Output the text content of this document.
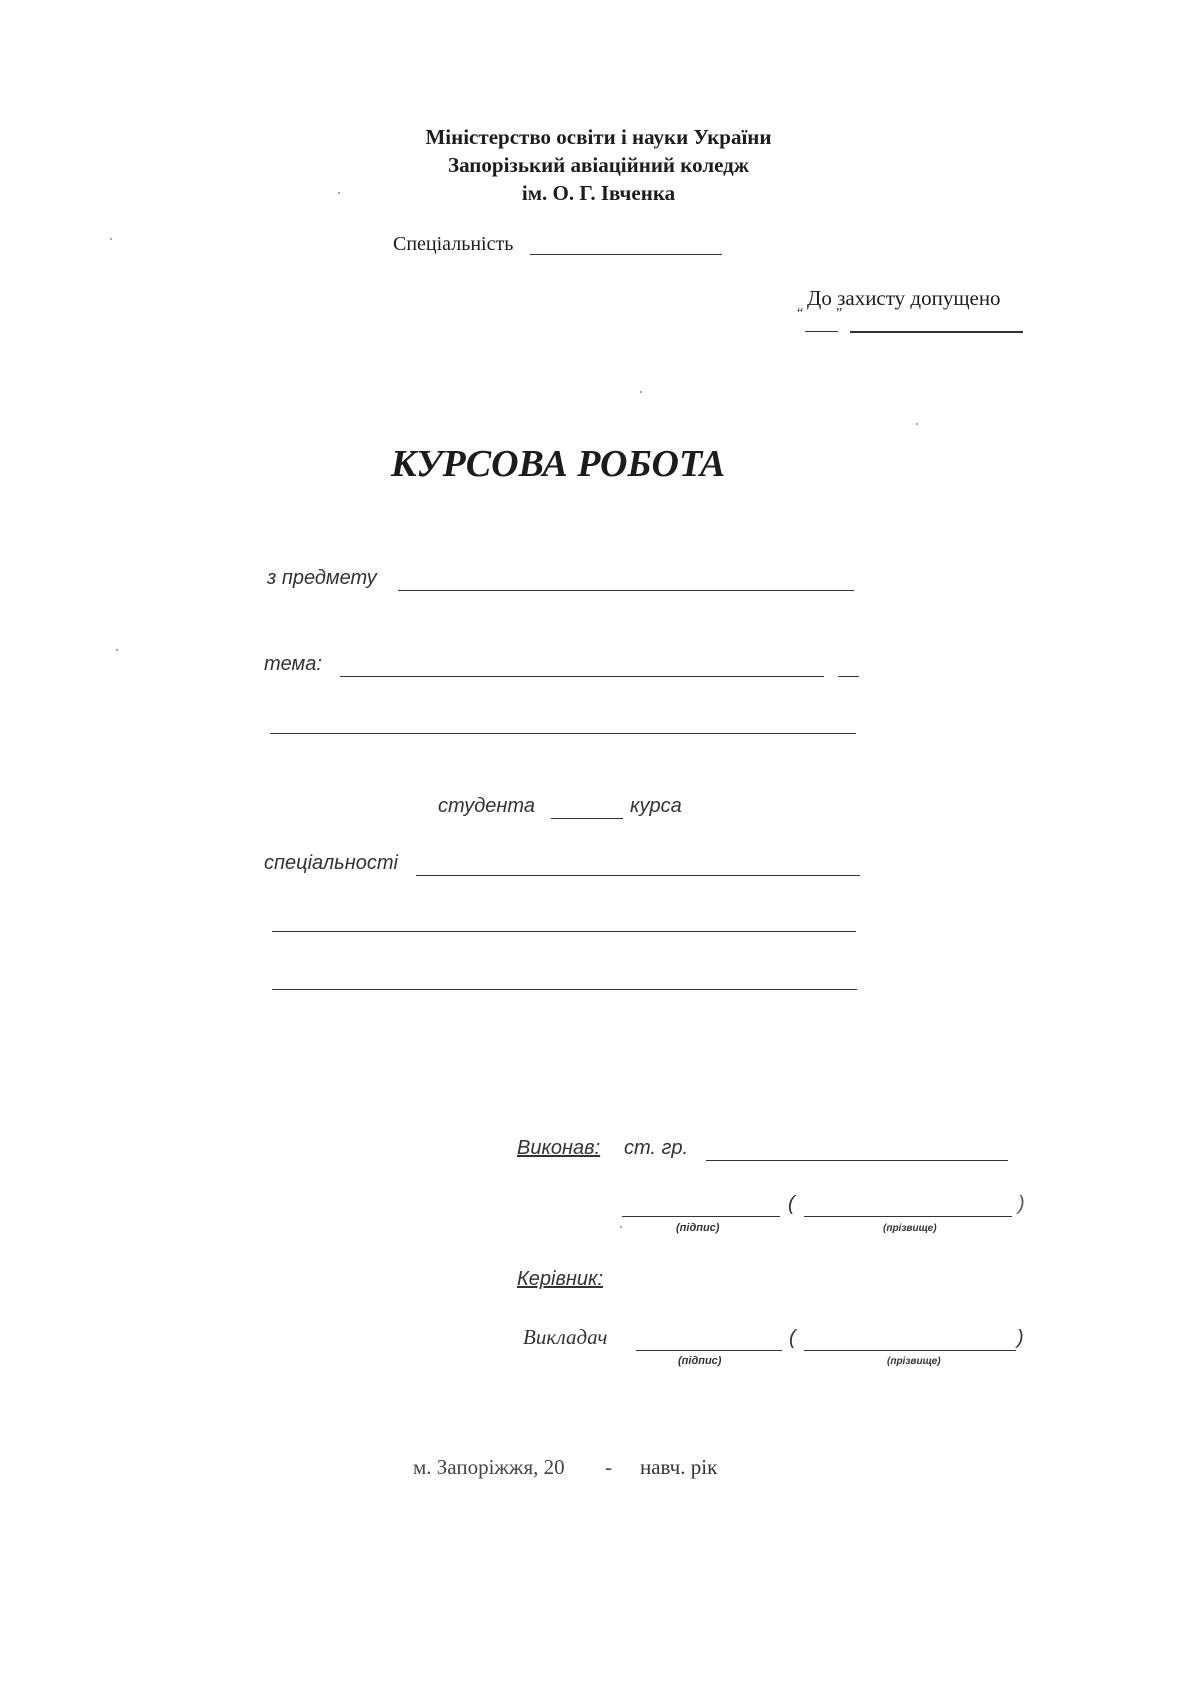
Міністерство освіти і науки України
Запорізький авіаційний коледж
ім. О. Г. Івченка
Спеціальність
До захисту допущено
“ ”
КУРСОВА РОБОТА
з предмету
тема:
студента	курса
спеціальності
Виконав: ст. гр.
(	)
(підпис)	(прізвище)
Керівник:
Викладач	(	)
(підпис)	(прізвище)
м. Запоріжжя, 20 - навч. рік
